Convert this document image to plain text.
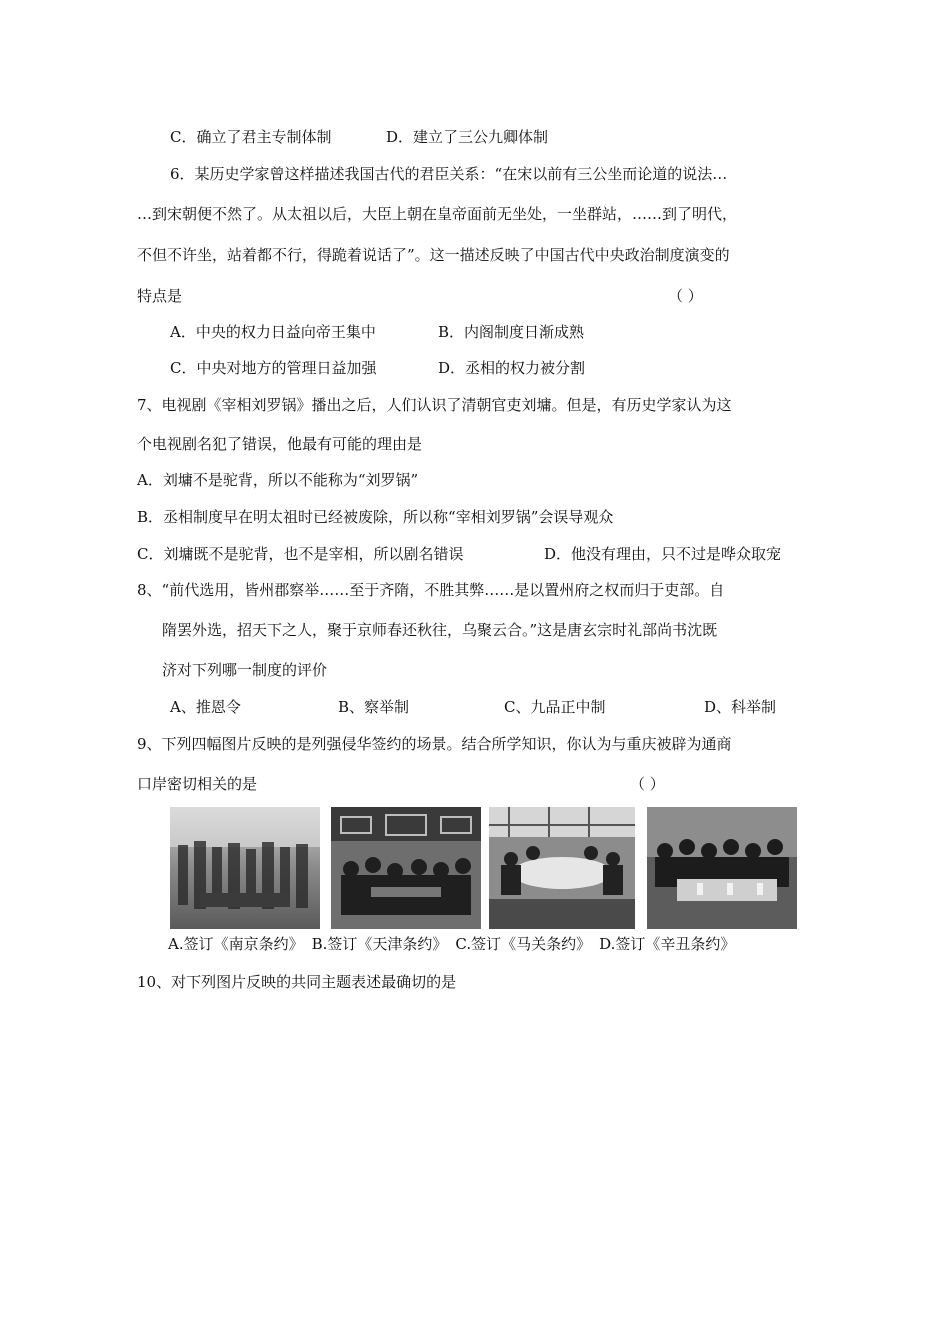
C．确立了君主专制体制	D．建立了三公九卿体制
6．某历史学家曾这样描述我国古代的君臣关系：“在宋以前有三公坐而论道的说法…
…到宋朝便不然了。从太祖以后，大臣上朝在皇帝面前无坐处，一坐群站，……到了明代，
不但不许坐，站着都不行，得跪着说话了”。这一描述反映了中国古代中央政治制度演变的
特点是	（ ）
A．中央的权力日益向帝王集中	B．内阁制度日渐成熟
C．中央对地方的管理日益加强	D．丞相的权力被分割
7、电视剧《宰相刘罗锅》播出之后，人们认识了清朝官吏刘墉。但是，有历史学家认为这
个电视剧名犯了错误，他最有可能的理由是
A．刘墉不是驼背，所以不能称为“刘罗锅”
B．丞相制度早在明太祖时已经被废除，所以称“宰相刘罗锅”会误导观众
C．刘墉既不是驼背，也不是宰相，所以剧名错误	D．他没有理由，只不过是哗众取宠
8、“前代选用，皆州郡察举……至于齐隋，不胜其弊……是以置州府之权而归于吏部。自
隋罢外选，招天下之人，聚于京师春还秋往，乌聚云合。”这是唐玄宗时礼部尚书沈既
济对下列哪一制度的评价
A、推恩令	B、察举制	C、九品正中制	D、科举制
9、下列四幅图片反映的是列强侵华签约的场景。结合所学知识，你认为与重庆被辟为通商
口岸密切相关的是	（ ）
A.签订《南京条约》 B.签订《天津条约》 C.签订《马关条约》 D.签订《辛丑条约》
10、对下列图片反映的共同主题表述最确切的是
